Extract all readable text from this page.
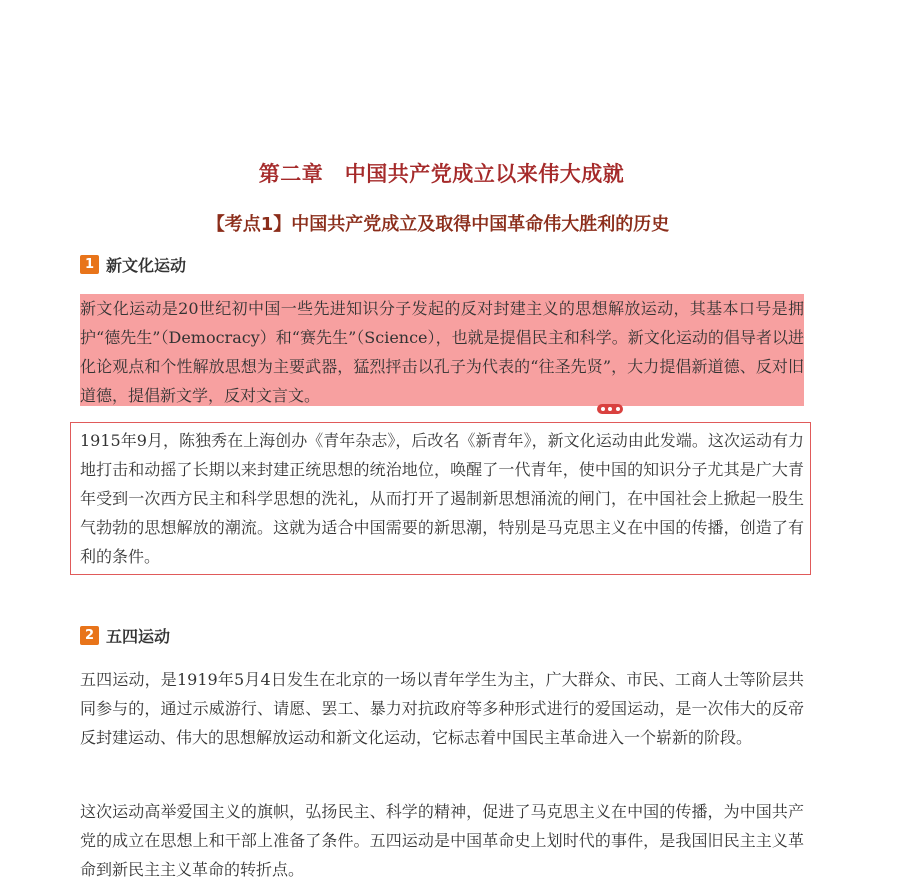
第二章　中国共产党成立以来伟大成就
【考点1】中国共产党成立及取得中国革命伟大胜利的历史
1 新文化运动

新文化运动是20世纪初中国一些先进知识分子发起的反对封建主义的思想解放运动，其基本口号是拥护“德先生”（Democracy）和“赛先生”（Science），也就是提倡民主和科学。新文化运动的倡导者以进化论观点和个性解放思想为主要武器，猛烈抨击以孔子为代表的“往圣先贤”，大力提倡新道德、反对旧道德，提倡新文学，反对文言文。

1915年9月，陈独秀在上海创办《青年杂志》，后改名《新青年》，新文化运动由此发端。这次运动有力地打击和动摇了长期以来封建正统思想的统治地位，唤醒了一代青年，使中国的知识分子尤其是广大青年受到一次西方民主和科学思想的洗礼，从而打开了遏制新思想涌流的闸门，在中国社会上掀起一股生气勃勃的思想解放的潮流。这就为适合中国需要的新思潮，特别是马克思主义在中国的传播，创造了有利的条件。

2 五四运动

五四运动，是1919年5月4日发生在北京的一场以青年学生为主，广大群众、市民、工商人士等阶层共同参与的，通过示威游行、请愿、罢工、暴力对抗政府等多种形式进行的爱国运动，是一次伟大的反帝反封建运动、伟大的思想解放运动和新文化运动，它标志着中国民主革命进入一个崭新的阶段。

这次运动高举爱国主义的旗帜，弘扬民主、科学的精神，促进了马克思主义在中国的传播，为中国共产党的成立在思想上和干部上准备了条件。五四运动是中国革命史上划时代的事件，是我国旧民主主义革命到新民主主义革命的转折点。
